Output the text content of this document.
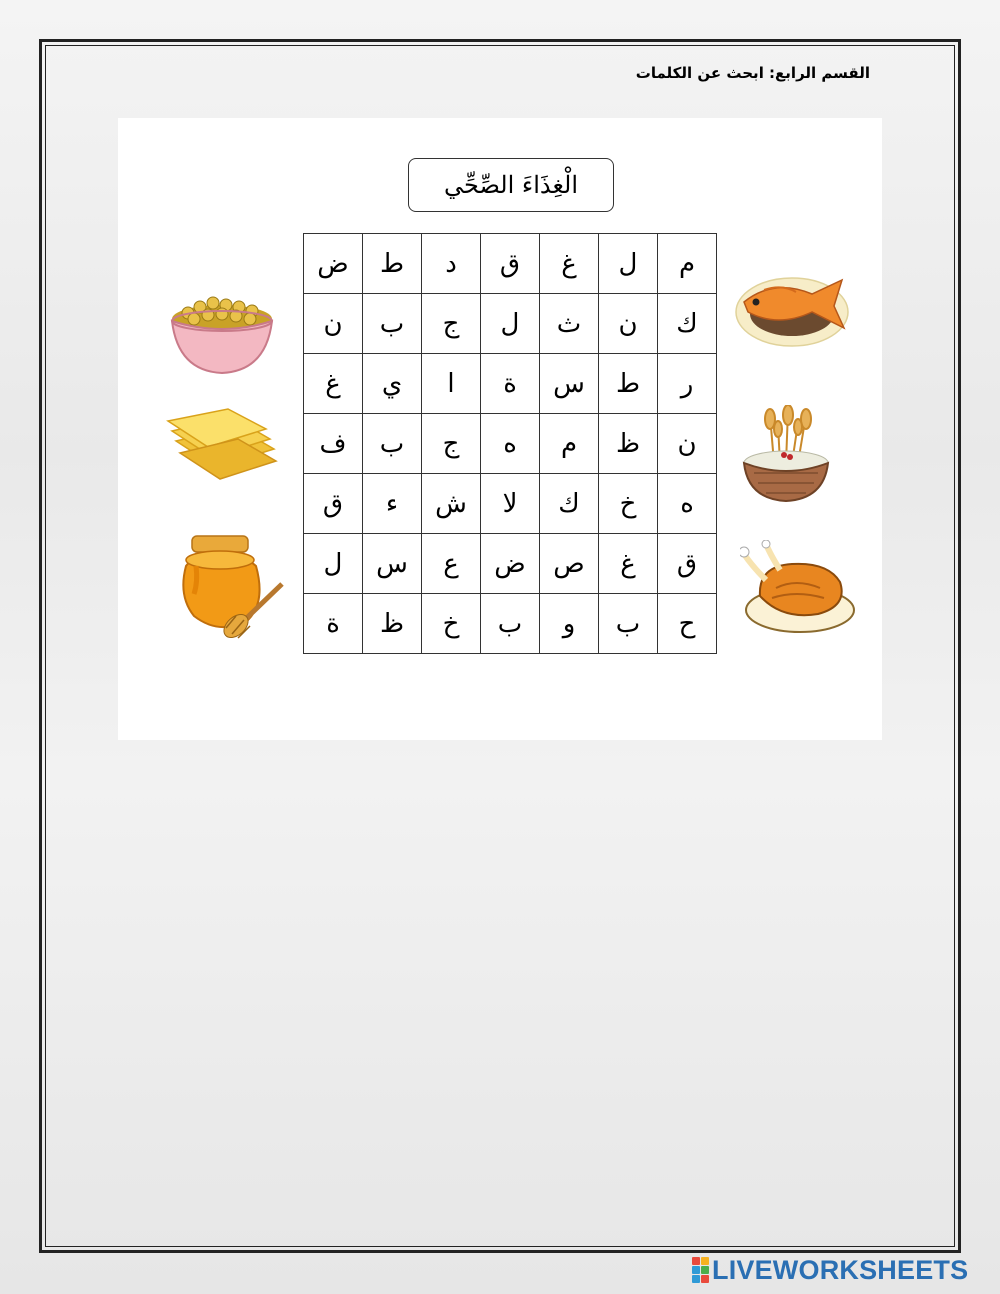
القسم الرابع: ابحث عن الكلمات
الْغِذَاءَ الصِّحِّي
ض	ط	د	ق	غ	ل	م
ن	ب	ج	ل	ث	ن	ك
غ	ي	ا	ة	س	ط	ر
ف	ب	ج	ه	م	ظ	ن
ق	ء	ش	لا	ك	خ	ه
ل	س	ع	ض	ص	غ	ق
ة	ظ	خ	ب	و	ب	ح
LIVEWORKSHEETS
